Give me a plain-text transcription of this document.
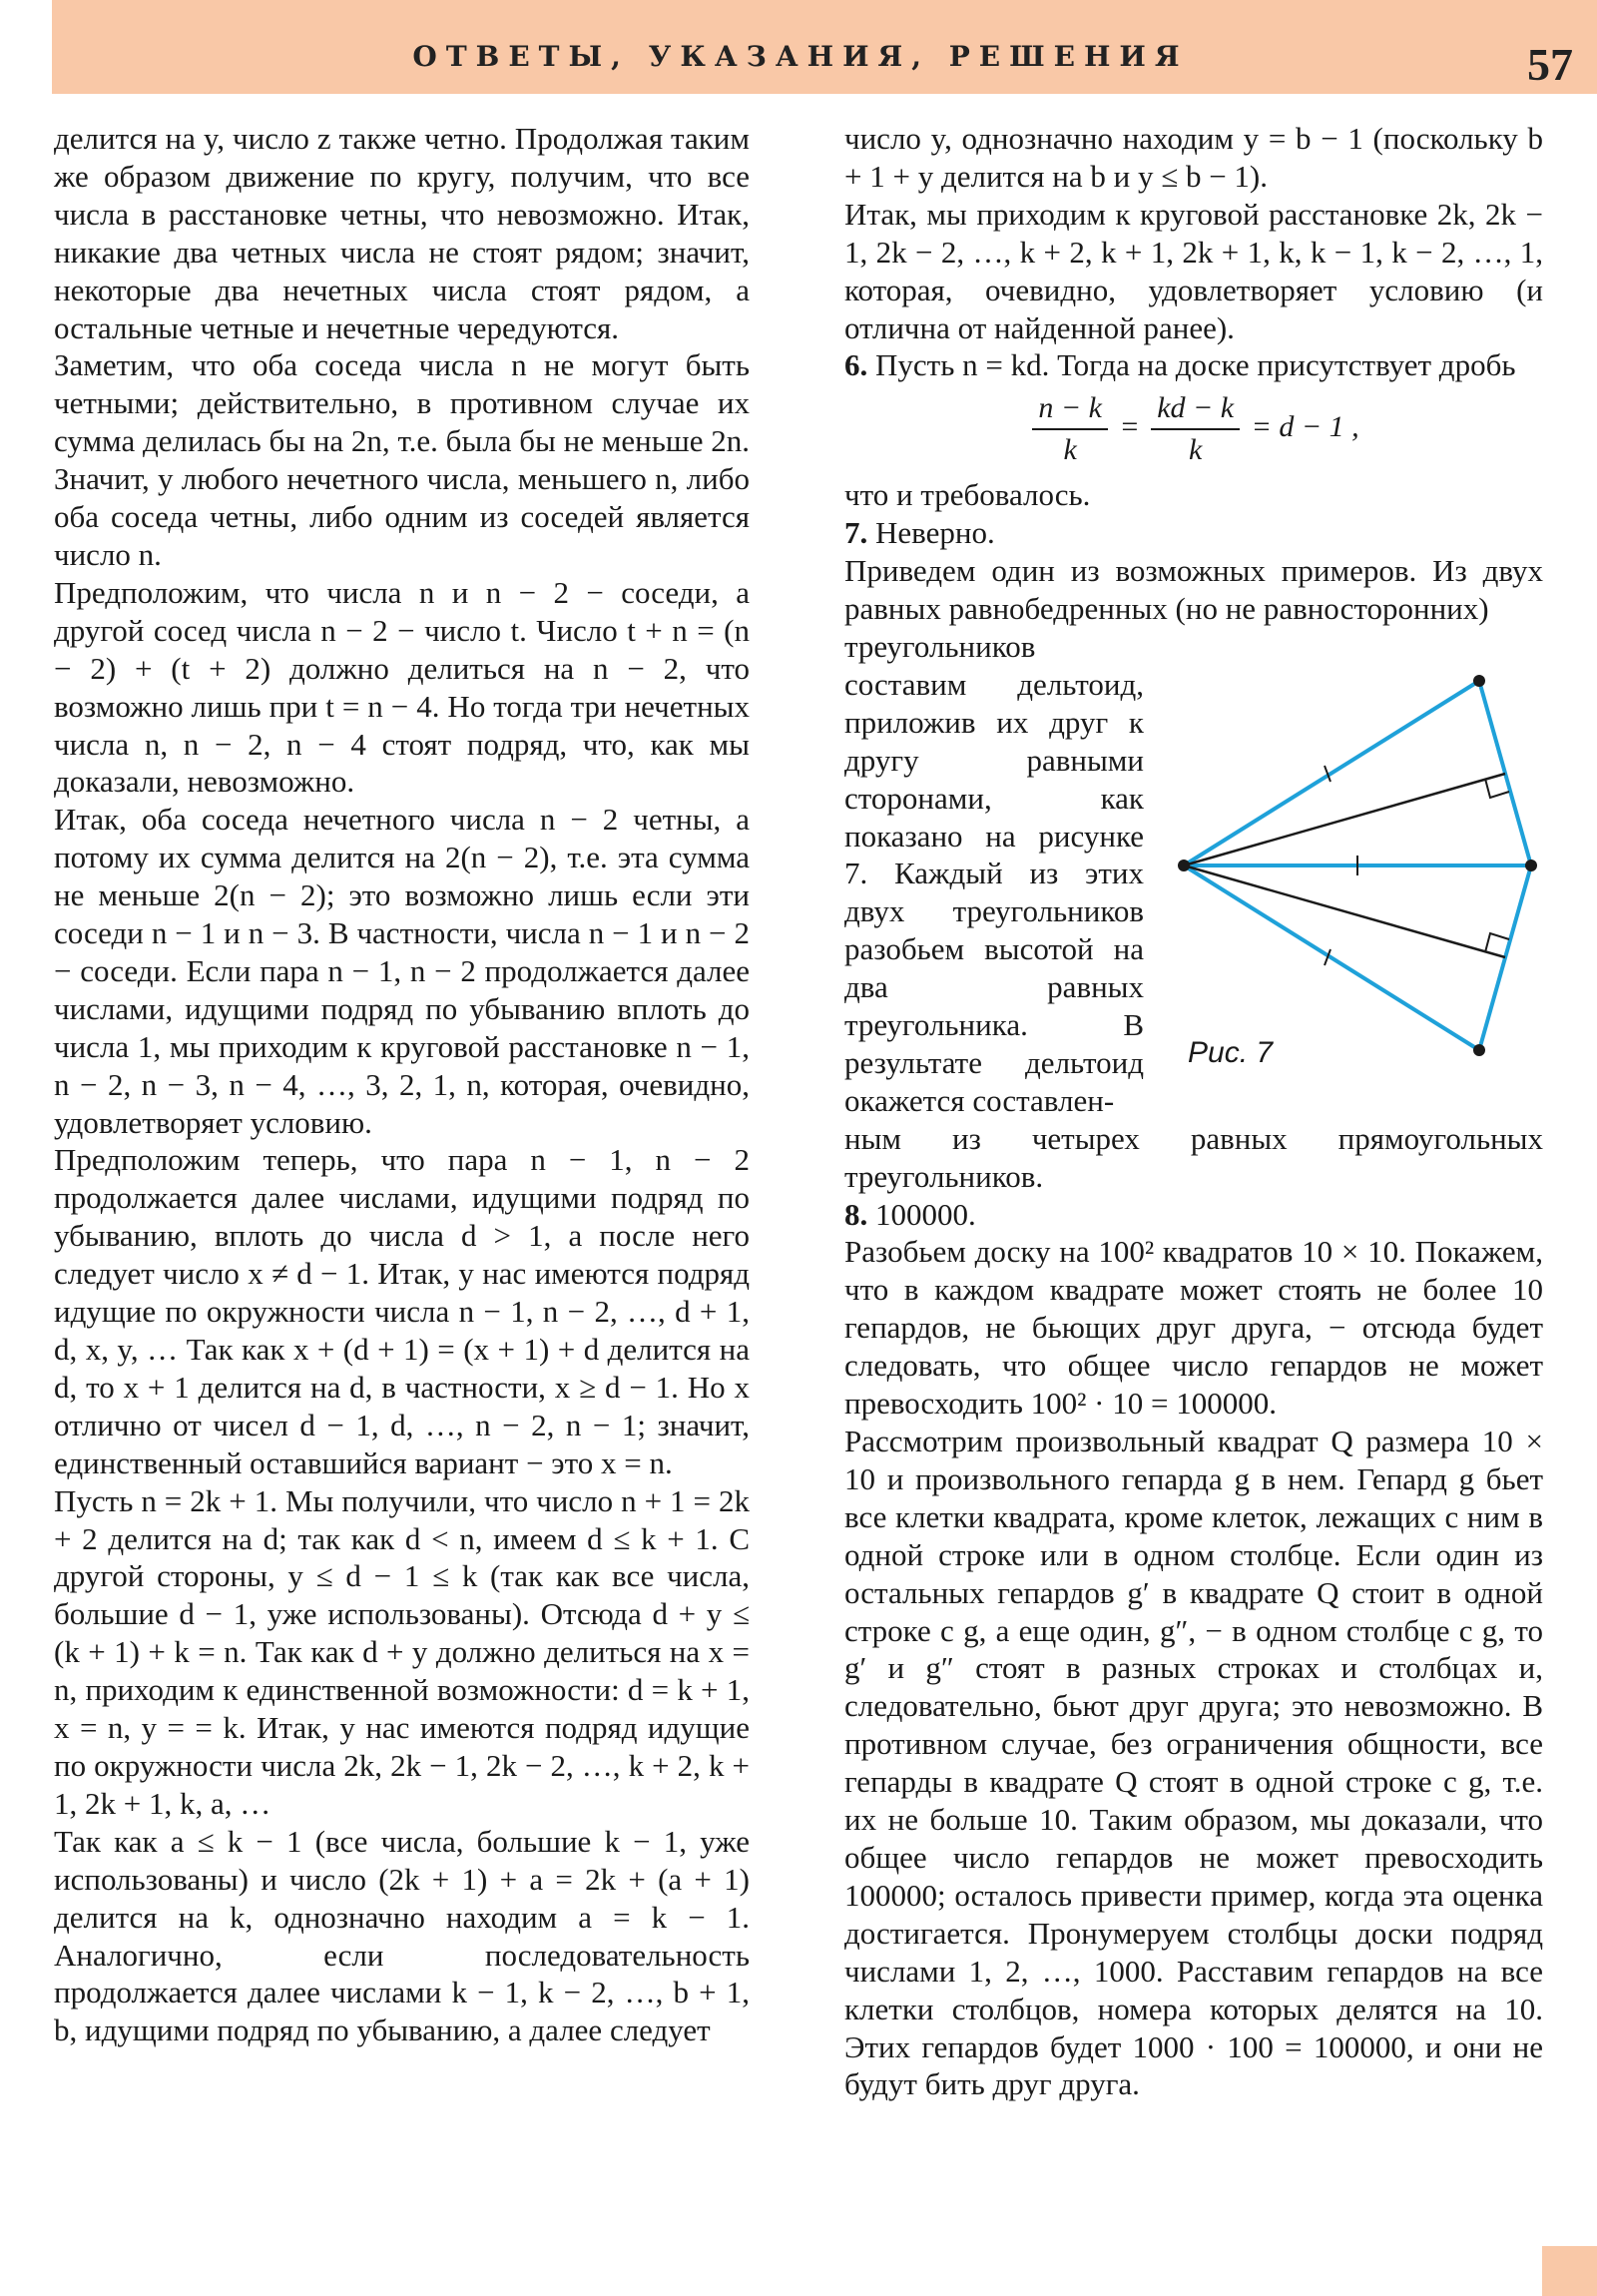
ОТВЕТЫ, УКАЗАНИЯ, РЕШЕНИЯ	57

делится на y, число z также четно. Продолжая таким же образом движение по кругу, получим, что все числа в расстановке четны, что невозможно. Итак, никакие два четных числа не стоят рядом; значит, некоторые два нечетных числа стоят рядом, а остальные четные и нечетные чередуются.

Заметим, что оба соседа числа n не могут быть четными; действительно, в противном случае их сумма делилась бы на 2n, т.е. была бы не меньше 2n. Значит, у любого нечетного числа, меньшего n, либо оба соседа четны, либо одним из соседей является число n.

Предположим, что числа n и n − 2 − соседи, а другой сосед числа n − 2 − число t. Число t + n = (n − 2) + (t + 2) должно делиться на n − 2, что возможно лишь при t = n − 4. Но тогда три нечетных числа n, n − 2, n − 4 стоят подряд, что, как мы доказали, невозможно.

Итак, оба соседа нечетного числа n − 2 четны, а потому их сумма делится на 2(n − 2), т.е. эта сумма не меньше 2(n − 2); это возможно лишь если эти соседи n − 1 и n − 3. В частности, числа n − 1 и n − 2 − соседи. Если пара n − 1, n − 2 продолжается далее числами, идущими подряд по убыванию вплоть до числа 1, мы приходим к круговой расстановке n − 1, n − 2, n − 3, n − 4, …, 3, 2, 1, n, которая, очевидно, удовлетворяет условию.

Предположим теперь, что пара n − 1, n − 2 продолжается далее числами, идущими подряд по убыванию, вплоть до числа d > 1, а после него следует число x ≠ d − 1. Итак, у нас имеются подряд идущие по окружности числа n − 1, n − 2, …, d + 1, d, x, y, … Так как x + (d + 1) = (x + 1) + d делится на d, то x + 1 делится на d, в частности, x ≥ d − 1. Но x отлично от чисел d − 1, d, …, n − 2, n − 1; значит, единственный оставшийся вариант − это x = n.

Пусть n = 2k + 1. Мы получили, что число n + 1 = 2k + 2 делится на d; так как d < n, имеем d ≤ k + 1. С другой стороны, y ≤ d − 1 ≤ k (так как все числа, большие d − 1, уже использованы). Отсюда d + y ≤ (k + 1) + k = n. Так как d + y должно делиться на x = n, приходим к единственной возможности: d = k + 1, x = n, y = = k. Итак, у нас имеются подряд идущие по окружности числа 2k, 2k − 1, 2k − 2, …, k + 2, k + 1, 2k + 1, k, a, …

Так как a ≤ k − 1 (все числа, большие k − 1, уже использованы) и число (2k + 1) + a = 2k + (a + 1) делится на k, однозначно находим a = k − 1. Аналогично, если последовательность продолжается далее числами k − 1, k − 2, …, b + 1, b, идущими подряд по убыванию, а далее следует

число y, однозначно находим y = b − 1 (поскольку b + 1 + y делится на b и y ≤ b − 1).

Итак, мы приходим к круговой расстановке 2k, 2k − 1, 2k − 2, …, k + 2, k + 1, 2k + 1, k, k − 1, k − 2, …, 1, которая, очевидно, удовлетворяет условию (и отлична от найденной ранее).

6. Пусть n = kd. Тогда на доске присутствует дробь

$\frac{n - k}{k} = \frac{kd - k}{k} = d - 1$ ,

что и требовалось.

7. Неверно.

Приведем один из возможных примеров. Из двух равных равнобедренных (но не равносторонних)

треугольников составим дельтоид, приложив их друг к другу равными сторонами, как показано на рисунке 7. Каждый из этих двух треугольников разобьем высотой на два равных треугольника. В результате дельтоид окажется составлен-

ным из четырех равных прямоугольных треугольников.

8. 100000.

Разобьем доску на 100² квадратов 10 × 10. Покажем, что в каждом квадрате может стоять не более 10 гепардов, не бьющих друг друга, − отсюда будет следовать, что общее число гепардов не может превосходить 100² · 10 = 100000.

Рассмотрим произвольный квадрат Q размера 10 × 10 и произвольного гепарда g в нем. Гепард g бьет все клетки квадрата, кроме клеток, лежащих с ним в одной строке или в одном столбце. Если один из остальных гепардов g′ в квадрате Q стоит в одной строке с g, а еще один, g″, − в одном столбце с g, то g′ и g″ стоят в разных строках и столбцах и, следовательно, бьют друг друга; это невозможно. В противном случае, без ограничения общности, все гепарды в квадрате Q стоят в одной строке с g, т.е. их не больше 10. Таким образом, мы доказали, что общее число гепардов не может превосходить 100000; осталось привести пример, когда эта оценка достигается. Пронумеруем столбцы доски подряд числами 1, 2, …, 1000. Расставим гепардов на все клетки столбцов, номера которых делятся на 10. Этих гепардов будет 1000 · 100 = 100000, и они не будут бить друг друга.

Рис. 7
